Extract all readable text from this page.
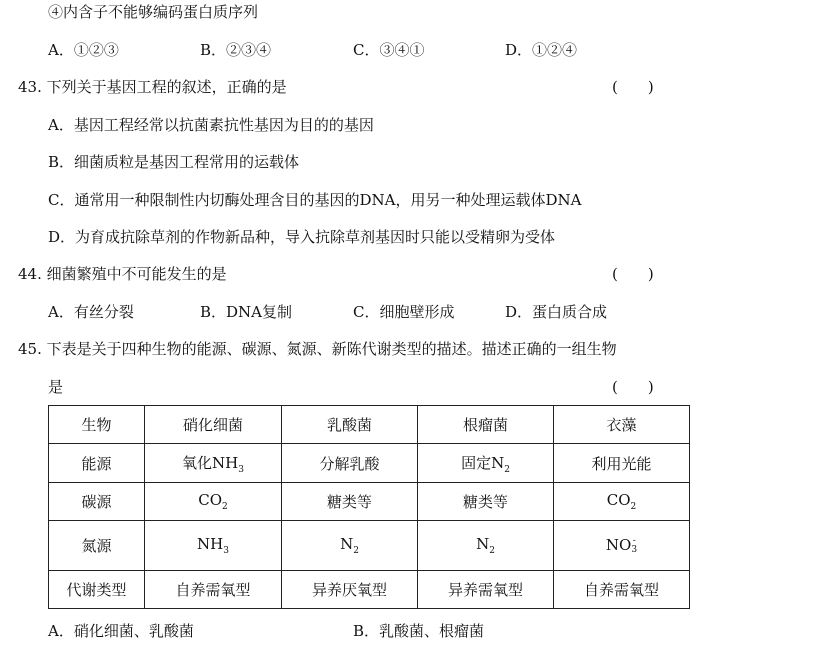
④内含子不能够编码蛋白质序列
A．①②③	B．②③④	C．③④①	D．①②④
43. 下列关于基因工程的叙述，正确的是	(　　)
A．基因工程经常以抗菌素抗性基因为目的的基因
B．细菌质粒是基因工程常用的运载体
C．通常用一种限制性内切酶处理含目的基因的DNA，用另一种处理运载体DNA
D．为育成抗除草剂的作物新品种，导入抗除草剂基因时只能以受精卵为受体
44. 细菌繁殖中不可能发生的是	(　　)
A．有丝分裂	B．DNA复制	C．细胞壁形成	D．蛋白质合成
45. 下表是关于四种生物的能源、碳源、氮源、新陈代谢类型的描述。描述正确的一组生物
是	(　　)
生物	硝化细菌	乳酸菌	根瘤菌	衣藻
能源	氧化$NH_3$	分解乳酸	固定$N_2$	利用光能
碳源	$CO_2$	糖类等	糖类等	$CO_2$
氮源	$NH_3$	$N_2$	$N_2$	NO -
3

代谢类型	自养需氧型	异养厌氧型	异养需氧型	自养需氧型
A．硝化细菌、乳酸菌	B．乳酸菌、根瘤菌
